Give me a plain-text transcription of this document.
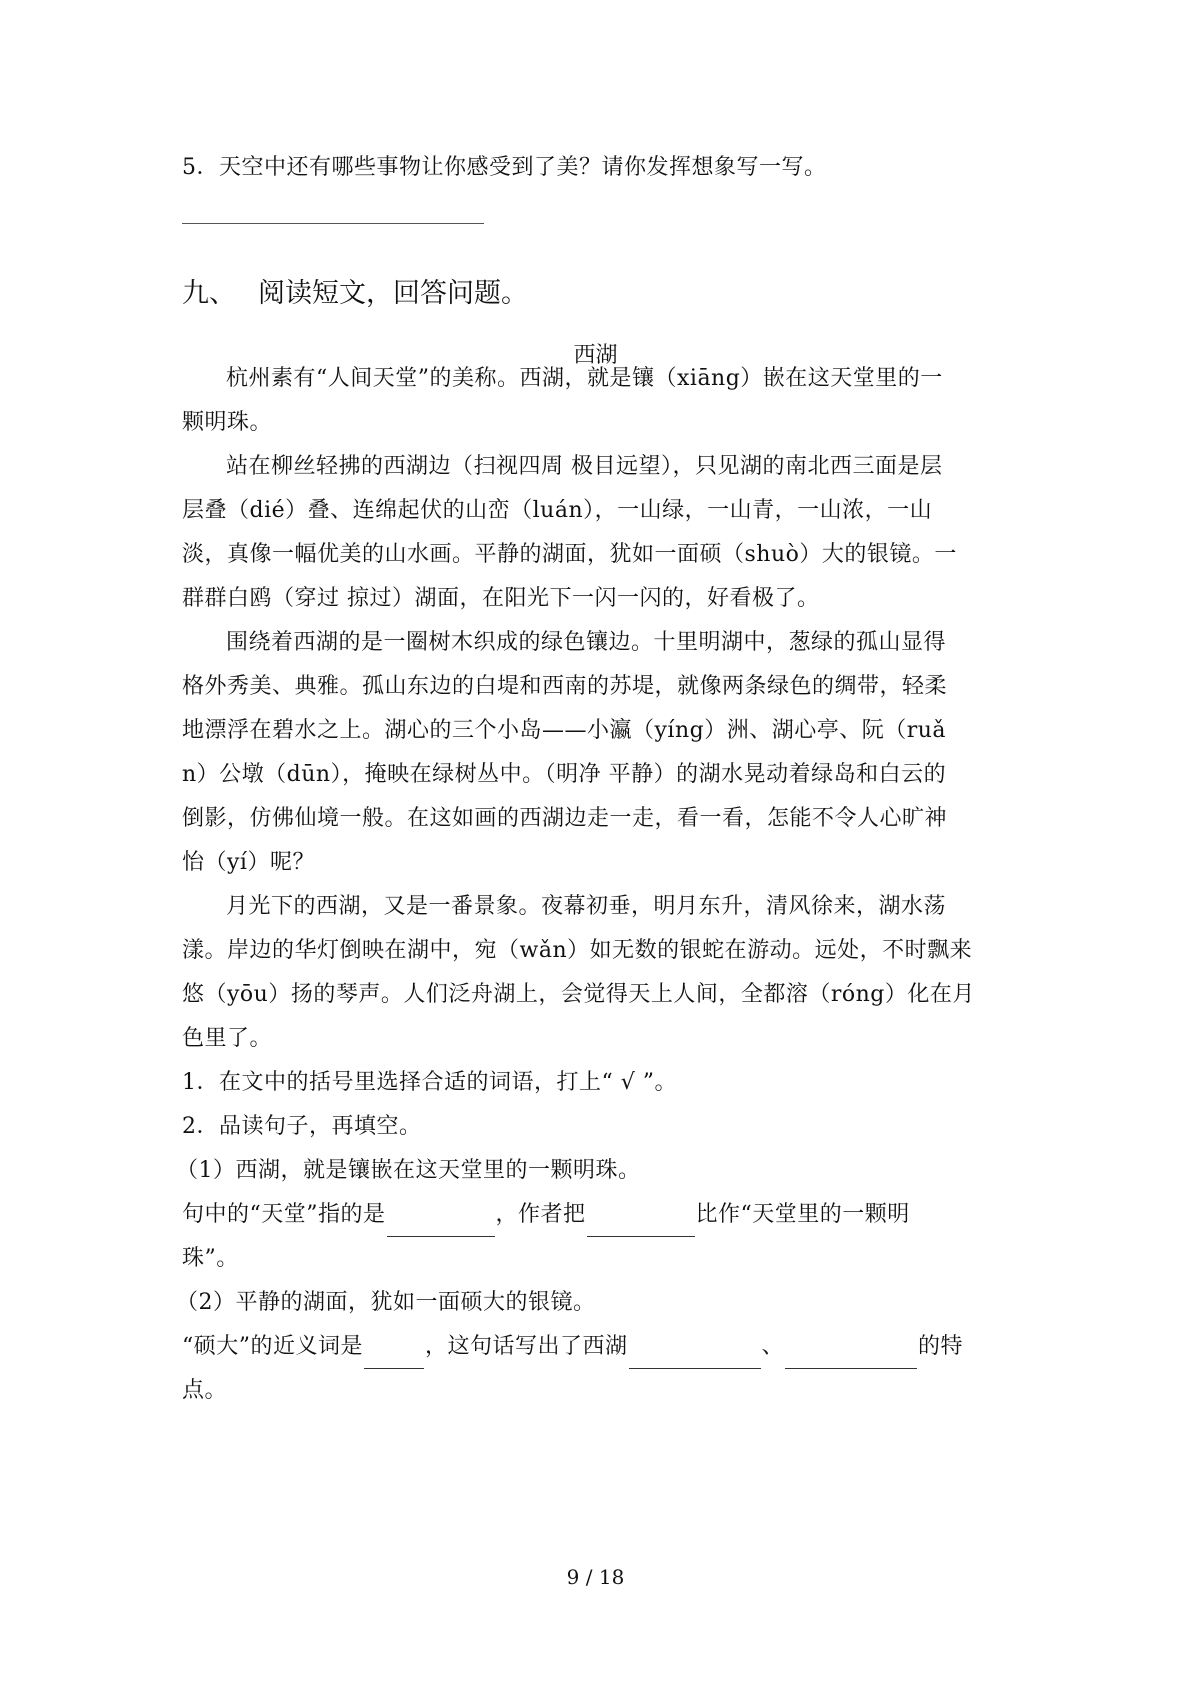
5．天空中还有哪些事物让你感受到了美？请你发挥想象写一写。
九、 阅读短文，回答问题。
西湖
杭州素有“人间天堂”的美称。西湖，就是镶（xiāng）嵌在这天堂里的一
颗明珠。
站在柳丝轻拂的西湖边（扫视四周 极目远望），只见湖的南北西三面是层
层叠（dié）叠、连绵起伏的山峦（luán），一山绿，一山青，一山浓，一山
淡，真像一幅优美的山水画。平静的湖面，犹如一面硕（shuò）大的银镜。一
群群白鸥（穿过 掠过）湖面，在阳光下一闪一闪的，好看极了。
围绕着西湖的是一圈树木织成的绿色镶边。十里明湖中，葱绿的孤山显得
格外秀美、典雅。孤山东边的白堤和西南的苏堤，就像两条绿色的绸带，轻柔
地漂浮在碧水之上。湖心的三个小岛——小瀛（yíng）洲、湖心亭、阮（ruǎ
n）公墩（dūn），掩映在绿树丛中。（明净 平静）的湖水晃动着绿岛和白云的
倒影，仿佛仙境一般。在这如画的西湖边走一走，看一看，怎能不令人心旷神
怡（yí）呢？
月光下的西湖，又是一番景象。夜幕初垂，明月东升，清风徐来，湖水荡
漾。岸边的华灯倒映在湖中，宛（wǎn）如无数的银蛇在游动。远处，不时飘来
悠（yōu）扬的琴声。人们泛舟湖上，会觉得天上人间，全都溶（róng）化在月
色里了。
1．在文中的括号里选择合适的词语，打上“ √ ”。
2．品读句子，再填空。
（1）西湖，就是镶嵌在这天堂里的一颗明珠。
句中的“天堂”指的是	，作者把	比作“天堂里的一颗明
珠”。
（2）平静的湖面，犹如一面硕大的银镜。
“硕大”的近义词是	，这句话写出了西湖	、	的特
点。
9 / 18
